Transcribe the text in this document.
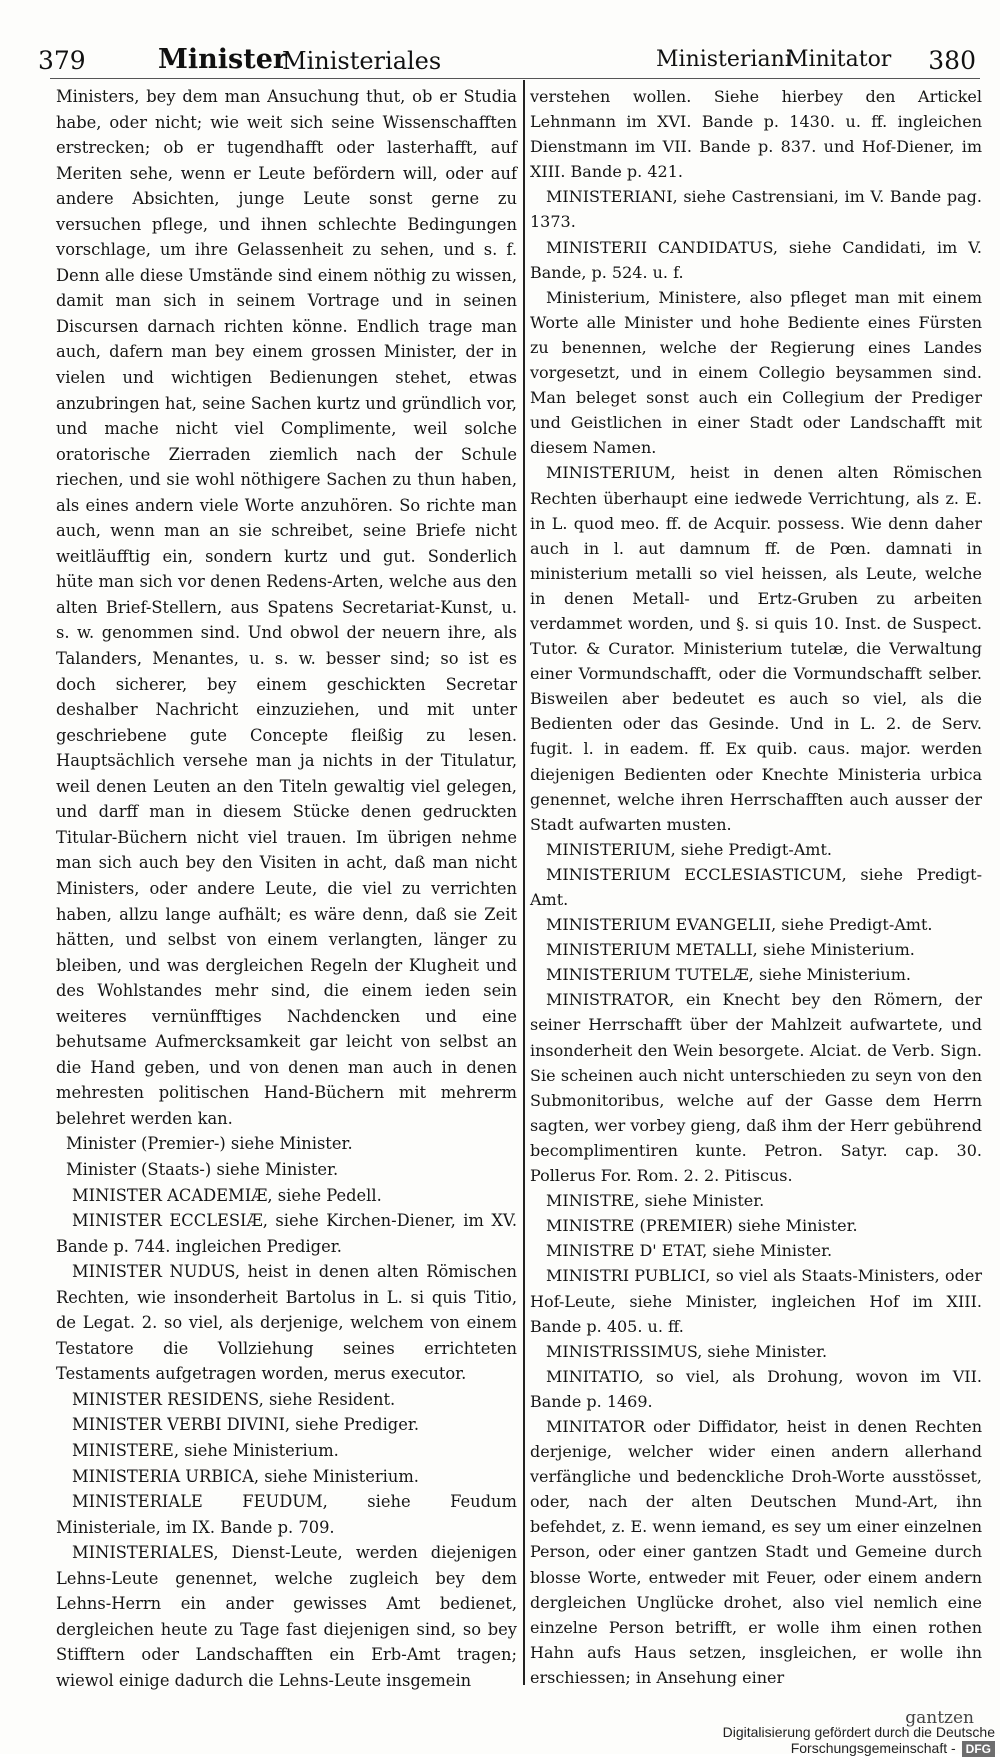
379	Minister
Ministeriales	Ministeriani
Minitator 380

Ministers, bey dem man Ansuchung thut, ob er Studia habe, oder nicht; wie weit sich seine Wissenschafften erstrecken; ob er tugendhafft oder lasterhafft, auf Meriten sehe, wenn er Leute befördern will, oder auf andere Absichten, junge Leute sonst gerne zu versuchen pflege, und ihnen schlechte Bedingungen vorschlage, um ihre Gelassenheit zu sehen, und s. f. Denn alle diese Umstände sind einem nöthig zu wissen, damit man sich in seinem Vortrage und in seinen Discursen darnach richten könne. Endlich trage man auch, dafern man bey einem grossen Minister, der in vielen und wichtigen Bedienungen stehet, etwas anzubringen hat, seine Sachen kurtz und gründlich vor, und mache nicht viel Complimente, weil solche oratorische Zierraden ziemlich nach der Schule riechen, und sie wohl nöthigere Sachen zu thun haben, als eines andern viele Worte anzuhören. So richte man auch, wenn man an sie schreibet, seine Briefe nicht weitläufftig ein, sondern kurtz und gut. Sonderlich hüte man sich vor denen Redens-Arten, welche aus den alten Brief-Stellern, aus Spatens Secretariat-Kunst, u. s. w. genommen sind. Und obwol der neuern ihre, als Talanders, Menantes, u. s. w. besser sind; so ist es doch sicherer, bey einem geschickten Secretar deshalber Nachricht einzuziehen, und mit unter geschriebene gute Concepte fleißig zu lesen. Hauptsächlich versehe man ja nichts in der Titulatur, weil denen Leuten an den Titeln gewaltig viel gelegen, und darff man in diesem Stücke denen gedruckten Titular-Büchern nicht viel trauen. Im übrigen nehme man sich auch bey den Visiten in acht, daß man nicht Ministers, oder andere Leute, die viel zu verrichten haben, allzu lange aufhält; es wäre denn, daß sie Zeit hätten, und selbst von einem verlangten, länger zu bleiben, und was dergleichen Regeln der Klugheit und des Wohlstandes mehr sind, die einem ieden sein weiteres vernünfftiges Nachdencken und eine behutsame Aufmercksamkeit gar leicht von selbst an die Hand geben, und von denen man auch in denen mehresten politischen Hand-Büchern mit mehrerm belehret werden kan.

Minister (Premier-) siehe Minister.

Minister (Staats-) siehe Minister.

MINISTER ACADEMIÆ, siehe Pedell.

MINISTER ECCLESIÆ, siehe Kirchen-Diener, im XV. Bande p. 744. ingleichen Prediger.

MINISTER NUDUS, heist in denen alten Römischen Rechten, wie insonderheit Bartolus in L. si quis Titio, de Legat. 2. so viel, als derjenige, welchem von einem Testatore die Vollziehung seines errichteten Testaments aufgetragen worden, merus executor.

MINISTER RESIDENS, siehe Resident.

MINISTER VERBI DIVINI, siehe Prediger.

MINISTERE, siehe Ministerium.

MINISTERIA URBICA, siehe Ministerium.

MINISTERIALE FEUDUM, siehe Feudum Ministeriale, im IX. Bande p. 709.

MINISTERIALES, Dienst-Leute, werden diejenigen Lehns-Leute genennet, welche zugleich bey dem Lehns-Herrn ein ander gewisses Amt bedienet, dergleichen heute zu Tage fast diejenigen sind, so bey Stifftern oder Landschafften ein Erb-Amt tragen; wiewol einige dadurch die Lehns-Leute insgemein

verstehen wollen. Siehe hierbey den Artickel Lehnmann im XVI. Bande p. 1430. u. ff. ingleichen Dienstmann im VII. Bande p. 837. und Hof-Diener, im XIII. Bande p. 421.

MINISTERIANI, siehe Castrensiani, im V. Bande pag. 1373.

MINISTERII CANDIDATUS, siehe Candidati, im V. Bande, p. 524. u. f.

Ministerium, Ministere, also pfleget man mit einem Worte alle Minister und hohe Bediente eines Fürsten zu benennen, welche der Regierung eines Landes vorgesetzt, und in einem Collegio beysammen sind. Man beleget sonst auch ein Collegium der Prediger und Geistlichen in einer Stadt oder Landschafft mit diesem Namen.

MINISTERIUM, heist in denen alten Römischen Rechten überhaupt eine iedwede Verrichtung, als z. E. in L. quod meo. ff. de Acquir. possess. Wie denn daher auch in l. aut damnum ff. de Pœn. damnati in ministerium metalli so viel heissen, als Leute, welche in denen Metall- und Ertz-Gruben zu arbeiten verdammet worden, und §. si quis 10. Inst. de Suspect. Tutor. & Curator. Ministerium tutelæ, die Verwaltung einer Vormundschafft, oder die Vormundschafft selber. Bisweilen aber bedeutet es auch so viel, als die Bedienten oder das Gesinde. Und in L. 2. de Serv. fugit. l. in eadem. ff. Ex quib. caus. major. werden diejenigen Bedienten oder Knechte Ministeria urbica genennet, welche ihren Herrschafften auch ausser der Stadt aufwarten musten.

MINISTERIUM, siehe Predigt-Amt.

MINISTERIUM ECCLESIASTICUM, siehe Predigt-Amt.

MINISTERIUM EVANGELII, siehe Predigt-Amt.

MINISTERIUM METALLI, siehe Ministerium.

MINISTERIUM TUTELÆ, siehe Ministerium.

MINISTRATOR, ein Knecht bey den Römern, der seiner Herrschafft über der Mahlzeit aufwartete, und insonderheit den Wein besorgete. Alciat. de Verb. Sign. Sie scheinen auch nicht unterschieden zu seyn von den Submonitoribus, welche auf der Gasse dem Herrn sagten, wer vorbey gieng, daß ihm der Herr gebührend becomplimentiren kunte. Petron. Satyr. cap. 30. Pollerus For. Rom. 2. 2. Pitiscus.

MINISTRE, siehe Minister.

MINISTRE (PREMIER) siehe Minister.

MINISTRE D' ETAT, siehe Minister.

MINISTRI PUBLICI, so viel als Staats-Ministers, oder Hof-Leute, siehe Minister, ingleichen Hof im XIII. Bande p. 405. u. ff.

MINISTRISSIMUS, siehe Minister.

MINITATIO, so viel, als Drohung, wovon im VII. Bande p. 1469.

MINITATOR oder Diffidator, heist in denen Rechten derjenige, welcher wider einen andern allerhand verfängliche und bedenckliche Droh-Worte ausstösset, oder, nach der alten Deutschen Mund-Art, ihn befehdet, z. E. wenn iemand, es sey um einer einzelnen Person, oder einer gantzen Stadt und Gemeine durch blosse Worte, entweder mit Feuer, oder einem andern dergleichen Unglücke drohet, also viel nemlich eine einzelne Person betrifft, er wolle ihm einen rothen Hahn aufs Haus setzen, insgleichen, er wolle ihn erschiessen; in Ansehung einer

gantzen
Digitalisierung gefördert durch die Deutsche Forschungsgemeinschaft - DFG
